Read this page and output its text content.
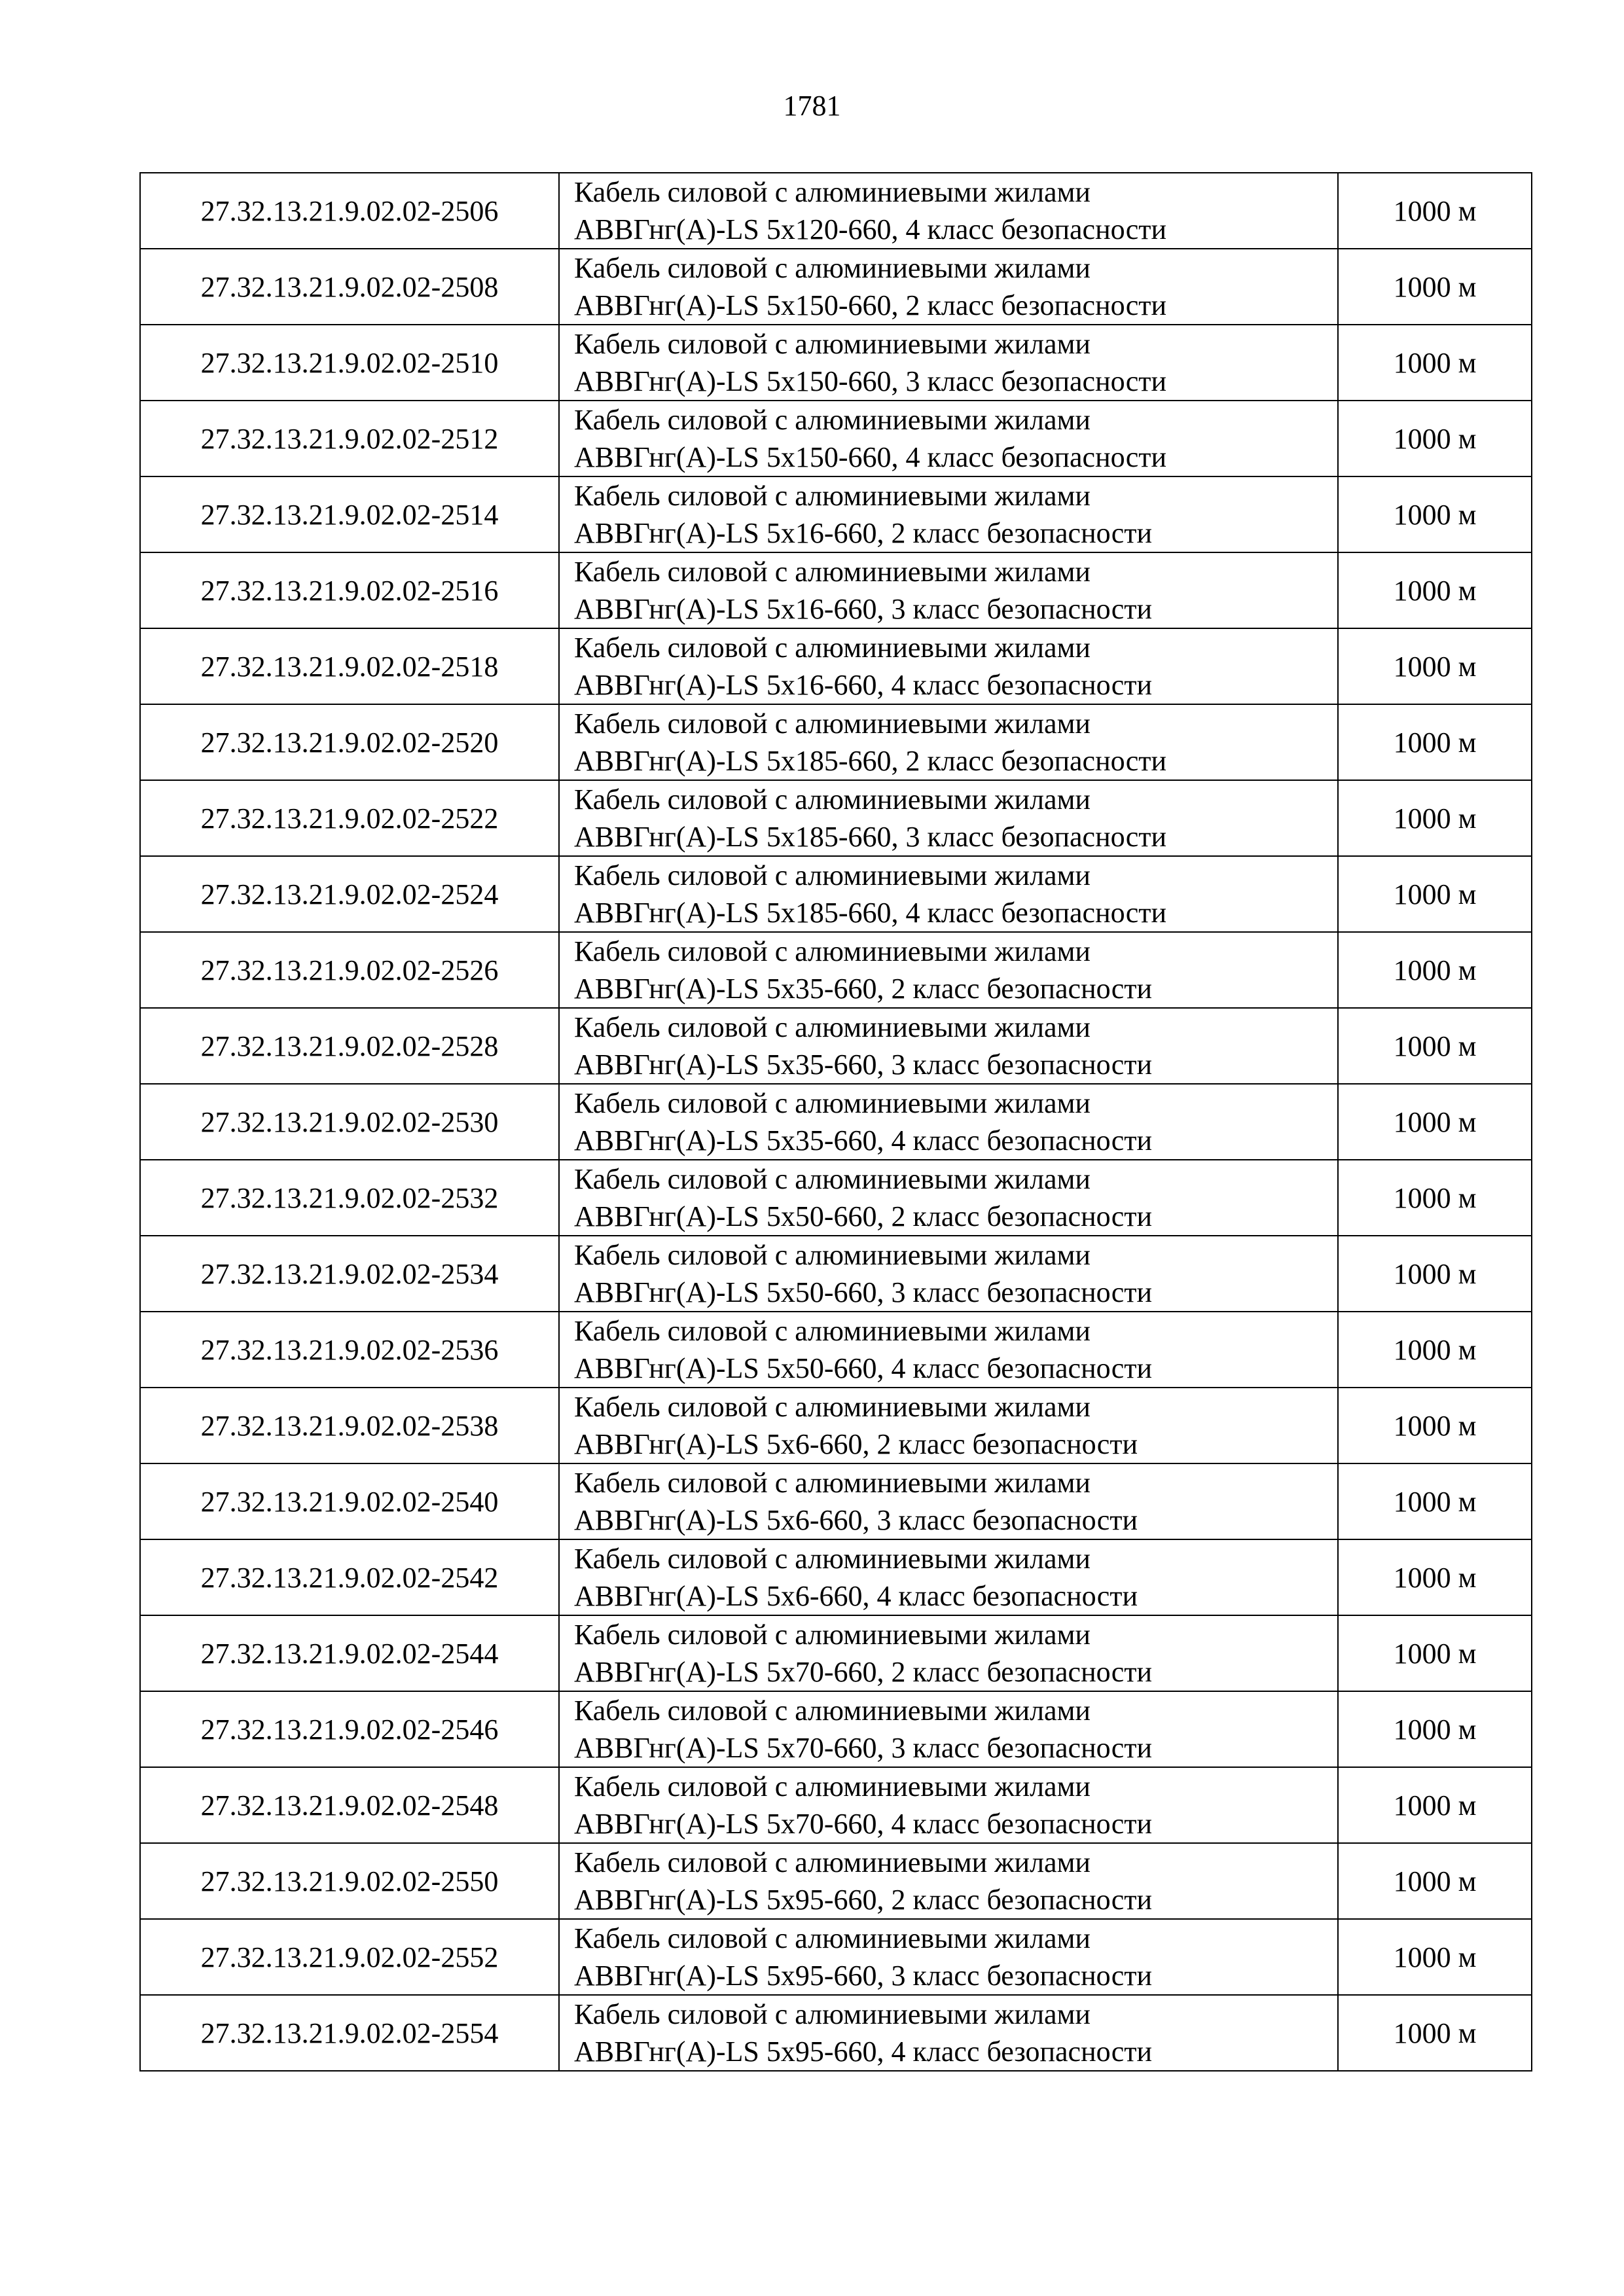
1781
27.32.13.21.9.02.02-2506	Кабель силовой с алюминиевыми жилами
АВВГнг(А)-LS 5х120-660, 4 класс безопасности	1000 м
27.32.13.21.9.02.02-2508	Кабель силовой с алюминиевыми жилами
АВВГнг(А)-LS 5х150-660, 2 класс безопасности	1000 м
27.32.13.21.9.02.02-2510	Кабель силовой с алюминиевыми жилами
АВВГнг(А)-LS 5х150-660, 3 класс безопасности	1000 м
27.32.13.21.9.02.02-2512	Кабель силовой с алюминиевыми жилами
АВВГнг(А)-LS 5х150-660, 4 класс безопасности	1000 м
27.32.13.21.9.02.02-2514	Кабель силовой с алюминиевыми жилами
АВВГнг(А)-LS 5х16-660, 2 класс безопасности	1000 м
27.32.13.21.9.02.02-2516	Кабель силовой с алюминиевыми жилами
АВВГнг(А)-LS 5х16-660, 3 класс безопасности	1000 м
27.32.13.21.9.02.02-2518	Кабель силовой с алюминиевыми жилами
АВВГнг(А)-LS 5х16-660, 4 класс безопасности	1000 м
27.32.13.21.9.02.02-2520	Кабель силовой с алюминиевыми жилами
АВВГнг(А)-LS 5х185-660, 2 класс безопасности	1000 м
27.32.13.21.9.02.02-2522	Кабель силовой с алюминиевыми жилами
АВВГнг(А)-LS 5х185-660, 3 класс безопасности	1000 м
27.32.13.21.9.02.02-2524	Кабель силовой с алюминиевыми жилами
АВВГнг(А)-LS 5х185-660, 4 класс безопасности	1000 м
27.32.13.21.9.02.02-2526	Кабель силовой с алюминиевыми жилами
АВВГнг(А)-LS 5х35-660, 2 класс безопасности	1000 м
27.32.13.21.9.02.02-2528	Кабель силовой с алюминиевыми жилами
АВВГнг(А)-LS 5х35-660, 3 класс безопасности	1000 м
27.32.13.21.9.02.02-2530	Кабель силовой с алюминиевыми жилами
АВВГнг(А)-LS 5х35-660, 4 класс безопасности	1000 м
27.32.13.21.9.02.02-2532	Кабель силовой с алюминиевыми жилами
АВВГнг(А)-LS 5х50-660, 2 класс безопасности	1000 м
27.32.13.21.9.02.02-2534	Кабель силовой с алюминиевыми жилами
АВВГнг(А)-LS 5х50-660, 3 класс безопасности	1000 м
27.32.13.21.9.02.02-2536	Кабель силовой с алюминиевыми жилами
АВВГнг(А)-LS 5х50-660, 4 класс безопасности	1000 м
27.32.13.21.9.02.02-2538	Кабель силовой с алюминиевыми жилами
АВВГнг(А)-LS 5х6-660, 2 класс безопасности	1000 м
27.32.13.21.9.02.02-2540	Кабель силовой с алюминиевыми жилами
АВВГнг(А)-LS 5х6-660, 3 класс безопасности	1000 м
27.32.13.21.9.02.02-2542	Кабель силовой с алюминиевыми жилами
АВВГнг(А)-LS 5х6-660, 4 класс безопасности	1000 м
27.32.13.21.9.02.02-2544	Кабель силовой с алюминиевыми жилами
АВВГнг(А)-LS 5х70-660, 2 класс безопасности	1000 м
27.32.13.21.9.02.02-2546	Кабель силовой с алюминиевыми жилами
АВВГнг(А)-LS 5х70-660, 3 класс безопасности	1000 м
27.32.13.21.9.02.02-2548	Кабель силовой с алюминиевыми жилами
АВВГнг(А)-LS 5х70-660, 4 класс безопасности	1000 м
27.32.13.21.9.02.02-2550	Кабель силовой с алюминиевыми жилами
АВВГнг(А)-LS 5х95-660, 2 класс безопасности	1000 м
27.32.13.21.9.02.02-2552	Кабель силовой с алюминиевыми жилами
АВВГнг(А)-LS 5х95-660, 3 класс безопасности	1000 м
27.32.13.21.9.02.02-2554	Кабель силовой с алюминиевыми жилами
АВВГнг(А)-LS 5х95-660, 4 класс безопасности	1000 м
